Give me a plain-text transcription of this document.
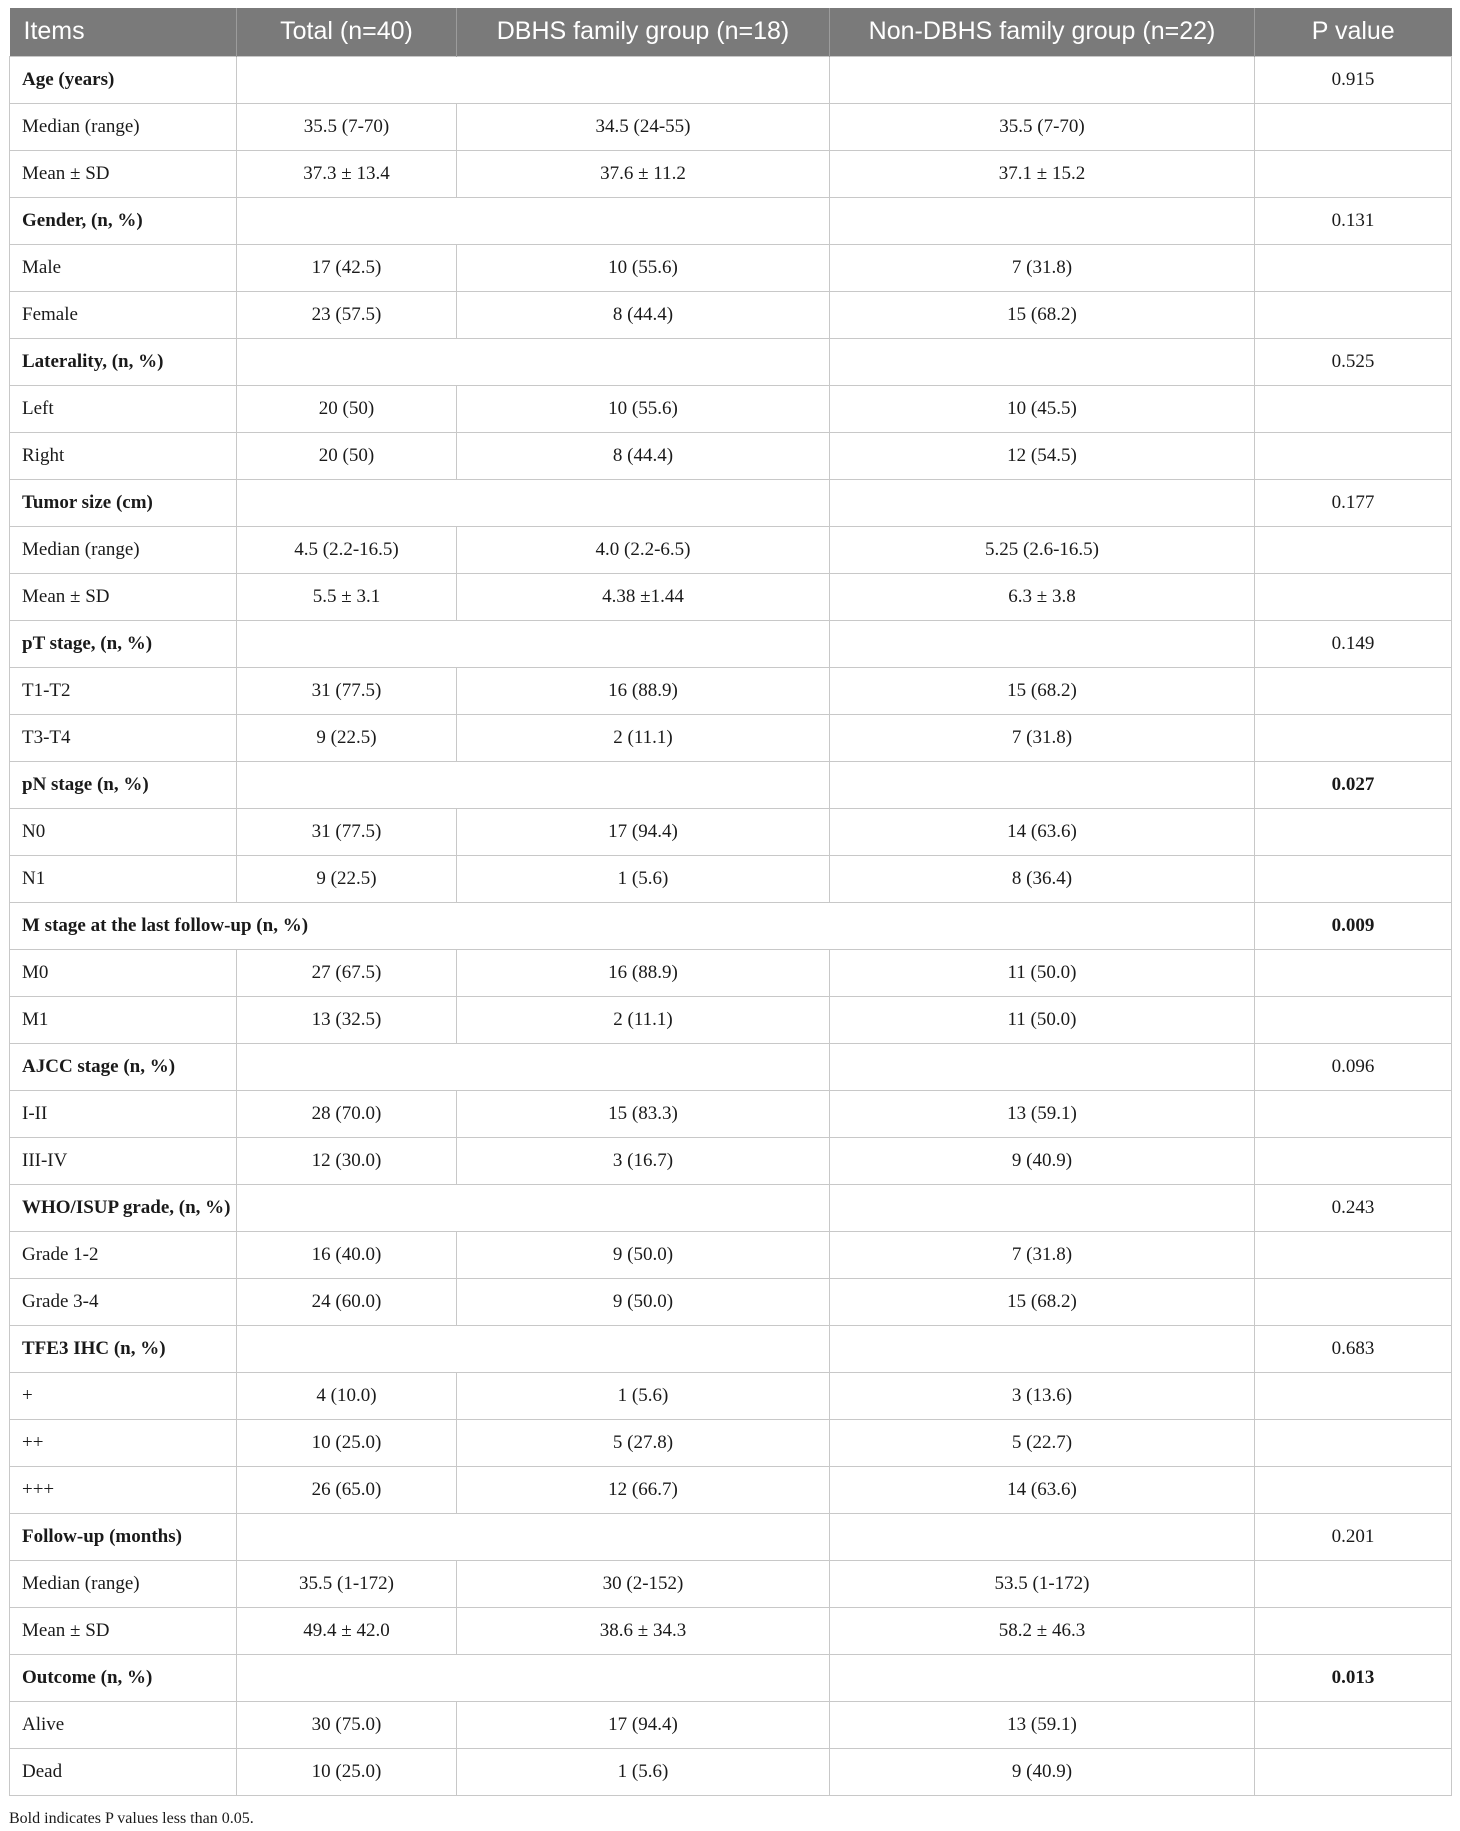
Items	Total (n=40)	DBHS family group (n=18)	Non-DBHS family group (n=22)	P value
Age (years)				0.915
Median (range)	35.5 (7-70)	34.5 (24-55)	35.5 (7-70)	
Mean ± SD	37.3 ± 13.4	37.6 ± 11.2	37.1 ± 15.2	
Gender, (n, %)				0.131
Male	17 (42.5)	10 (55.6)	7 (31.8)	
Female	23 (57.5)	8 (44.4)	15 (68.2)	
Laterality, (n, %)				0.525
Left	20 (50)	10 (55.6)	10 (45.5)	
Right	20 (50)	8 (44.4)	12 (54.5)	
Tumor size (cm)				0.177
Median (range)	4.5 (2.2-16.5)	4.0 (2.2-6.5)	5.25 (2.6-16.5)	
Mean ± SD	5.5 ± 3.1	4.38 ±1.44	6.3 ± 3.8	
pT stage, (n, %)				0.149
T1-T2	31 (77.5)	16 (88.9)	15 (68.2)	
T3-T4	9 (22.5)	2 (11.1)	7 (31.8)	
pN stage (n, %)				0.027
N0	31 (77.5)	17 (94.4)	14 (63.6)	
N1	9 (22.5)	1 (5.6)	8 (36.4)	
M stage at the last follow-up (n, %)				0.009
M0	27 (67.5)	16 (88.9)	11 (50.0)	
M1	13 (32.5)	2 (11.1)	11 (50.0)	
AJCC stage (n, %)				0.096
I-II	28 (70.0)	15 (83.3)	13 (59.1)	
III-IV	12 (30.0)	3 (16.7)	9 (40.9)	
WHO/ISUP grade, (n, %)				0.243
Grade 1-2	16 (40.0)	9 (50.0)	7 (31.8)	
Grade 3-4	24 (60.0)	9 (50.0)	15 (68.2)	
TFE3 IHC (n, %)				0.683
+	4 (10.0)	1 (5.6)	3 (13.6)	
++	10 (25.0)	5 (27.8)	5 (22.7)	
+++	26 (65.0)	12 (66.7)	14 (63.6)	
Follow-up (months)				0.201
Median (range)	35.5 (1-172)	30 (2-152)	53.5 (1-172)	
Mean ± SD	49.4 ± 42.0	38.6 ± 34.3	58.2 ± 46.3	
Outcome (n, %)				0.013
Alive	30 (75.0)	17 (94.4)	13 (59.1)	
Dead	10 (25.0)	1 (5.6)	9 (40.9)	
Bold indicates P values less than 0.05.
